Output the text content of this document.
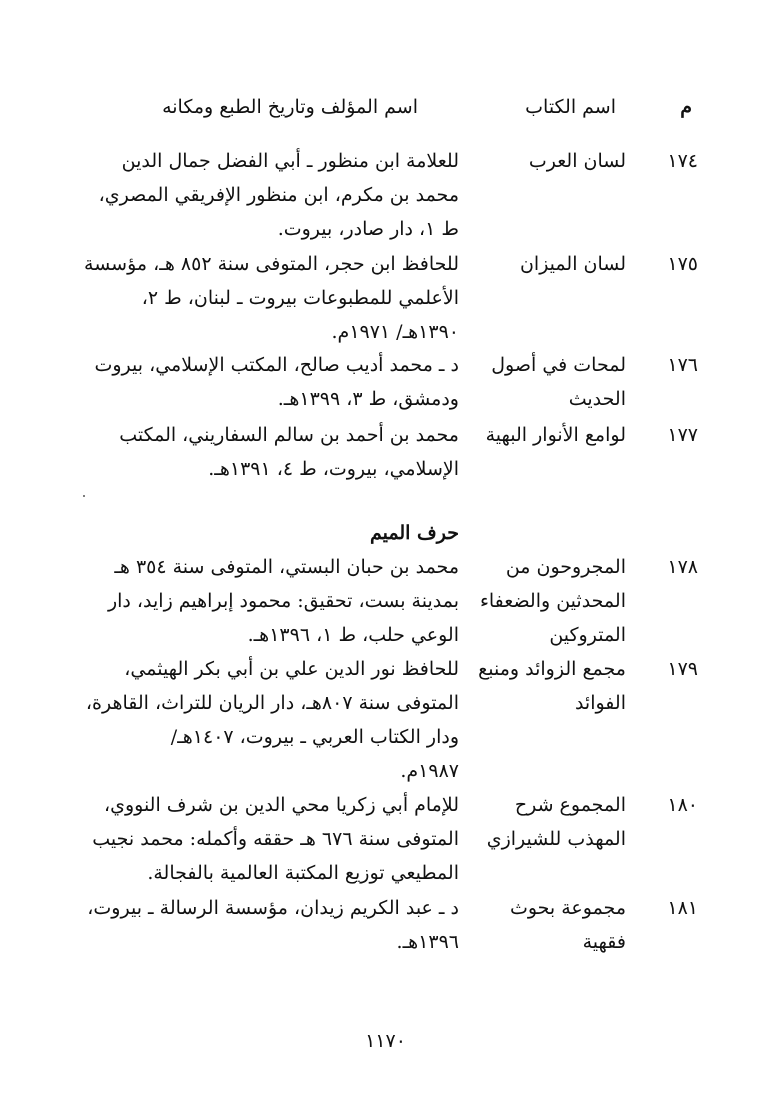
م
اسم الكتاب
اسم المؤلف وتاريخ الطبع ومكانه
١٧٤
لسان العرب
للعلامة ابن منظور ـ أبي الفضل جمال الدين
محمد بن مكرم، ابن منظور الإفريقي المصري،
ط ١، دار صادر، بيروت.
١٧٥
لسان الميزان
للحافظ ابن حجر، المتوفى سنة ٨٥٢ هـ، مؤسسة
الأعلمي للمطبوعات بيروت ـ لبنان، ط ٢،
١٣٩٠هـ/ ١٩٧١م.
١٧٦
لمحات في أصول
الحديث
د ـ محمد أديب صالح، المكتب الإسلامي، بيروت
ودمشق، ط ٣، ١٣٩٩هـ.
١٧٧
لوامع الأنوار البهية
محمد بن أحمد بن سالم السفاريني، المكتب
الإسلامي، بيروت، ط ٤، ١٣٩١هـ.
حرف الميم
١٧٨
المجروحون من
المحدثين والضعفاء
المتروكين
محمد بن حبان البستي، المتوفى سنة ٣٥٤ هـ
بمدينة بست، تحقيق: محمود إبراهيم زايد، دار
الوعي حلب، ط ١، ١٣٩٦هـ.
١٧٩
مجمع الزوائد ومنبع
الفوائد
للحافظ نور الدين علي بن أبي بكر الهيثمي،
المتوفى سنة ٨٠٧هـ، دار الريان للتراث، القاهرة،
ودار الكتاب العربي ـ بيروت، ١٤٠٧هـ/
١٩٨٧م.
١٨٠
المجموع شرح
المهذب للشيرازي
للإمام أبي زكريا محي الدين بن شرف النووي،
المتوفى سنة ٦٧٦ هـ حققه وأكمله: محمد نجيب
المطيعي توزيع المكتبة العالمية بالفجالة.
١٨١
مجموعة بحوث
فقهية
د ـ عبد الكريم زيدان، مؤسسة الرسالة ـ بيروت،
١٣٩٦هـ.
١١٧٠
